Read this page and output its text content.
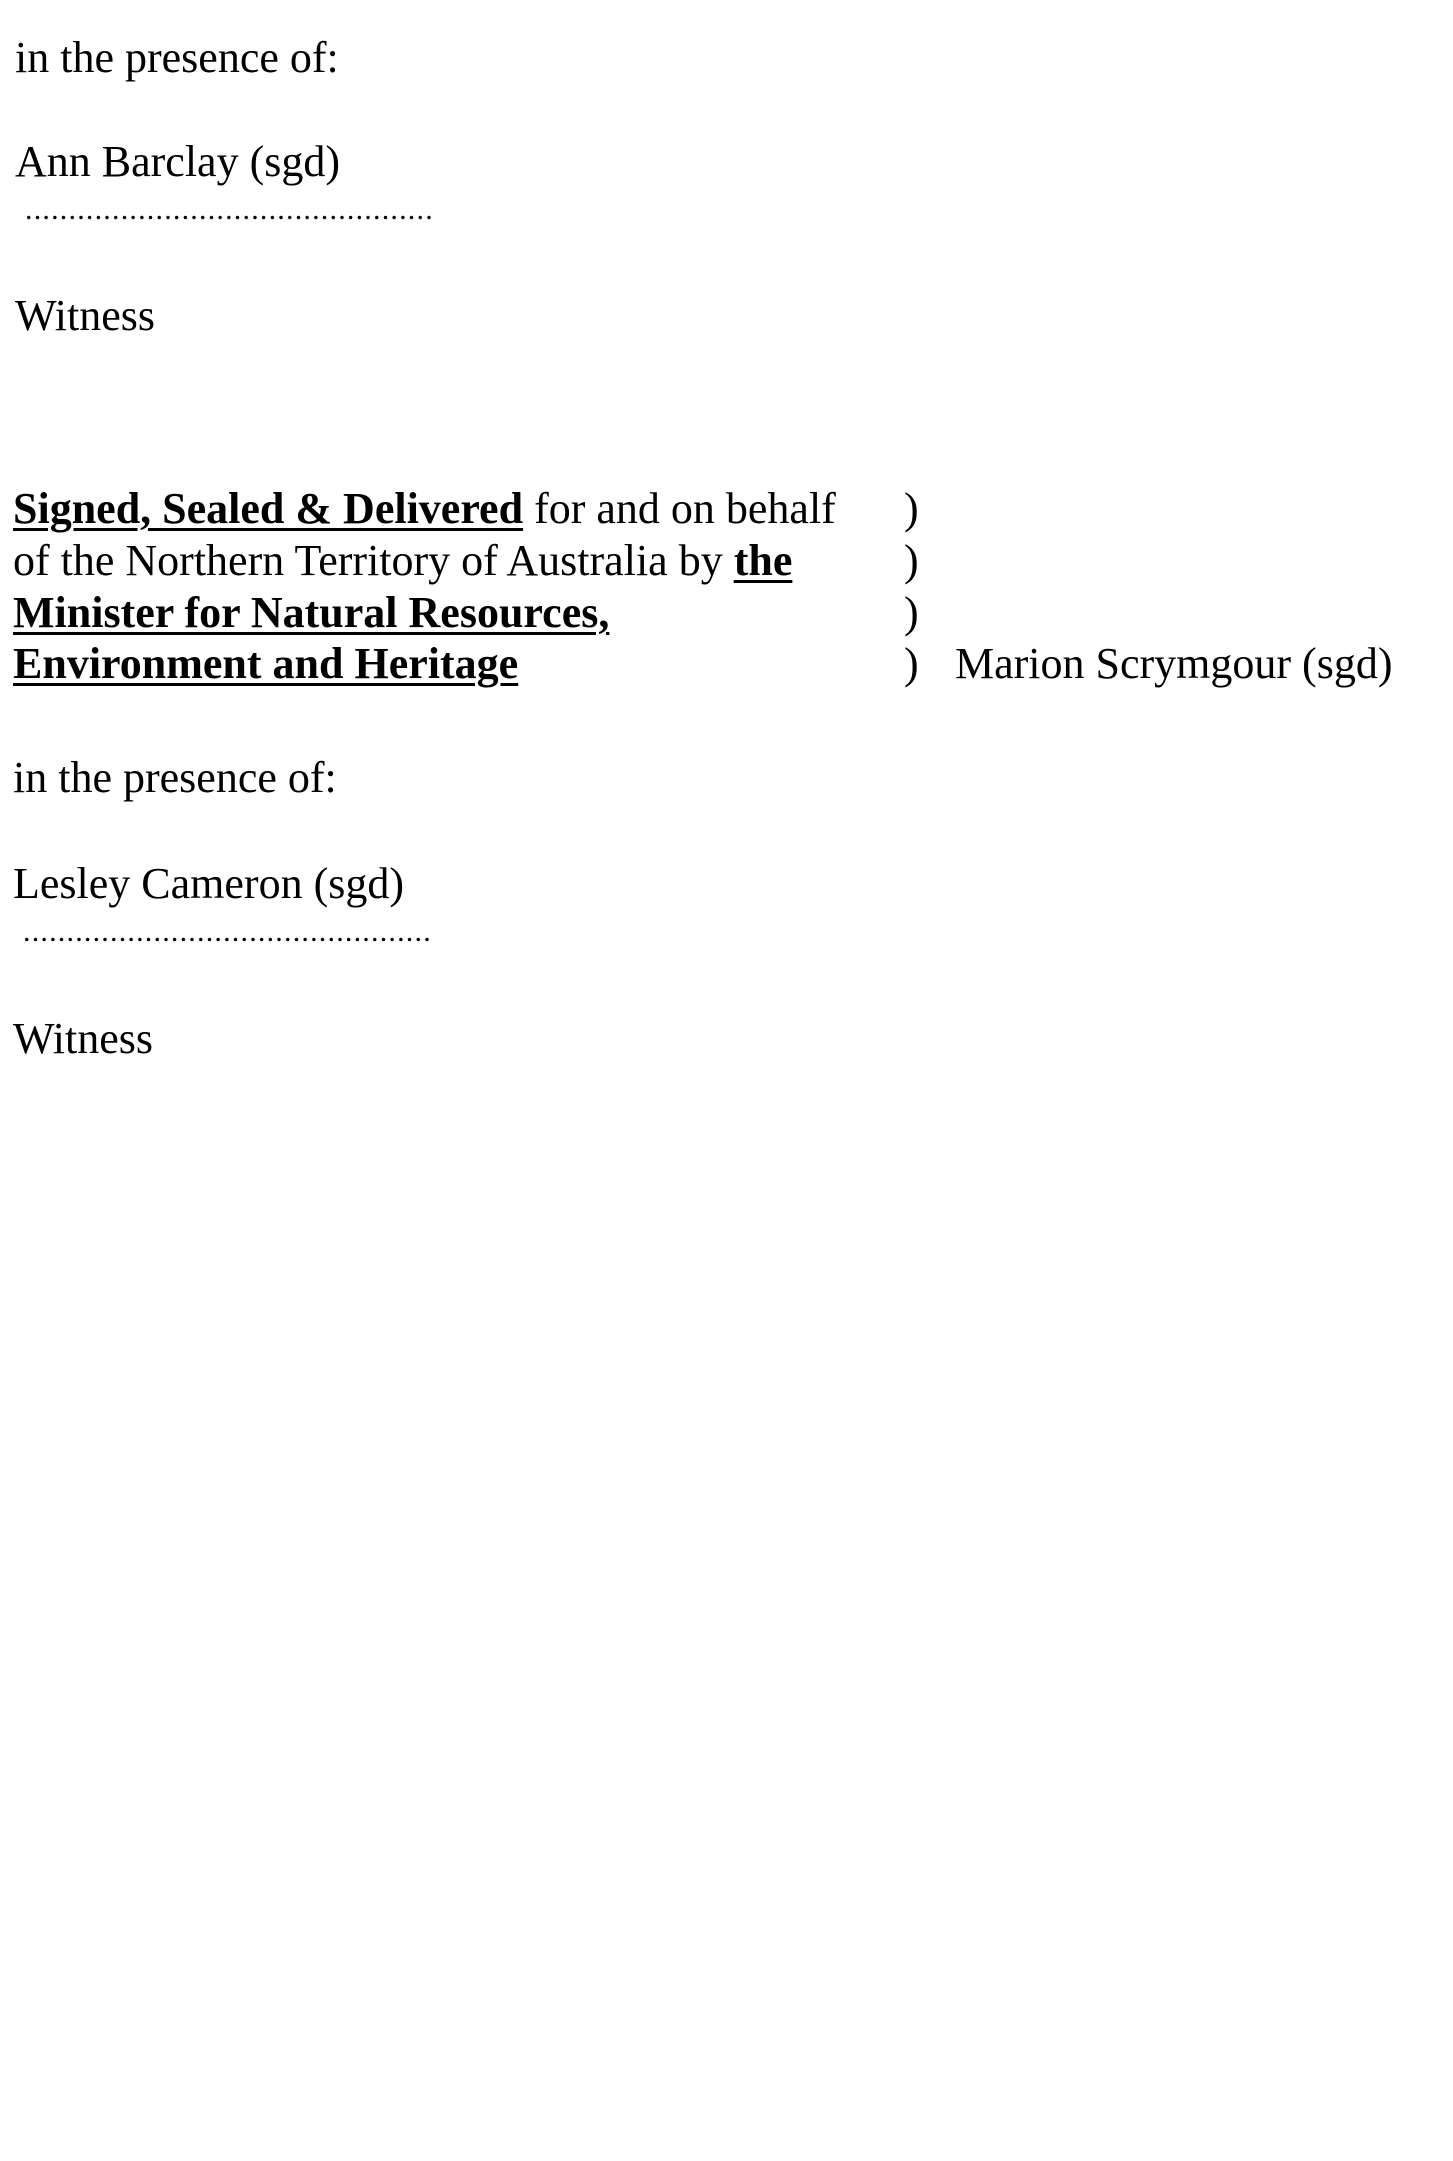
in the presence of:

Ann Barclay (sgd)

...............................................

Witness

Signed, Sealed & Delivered for and on behalf )

of the Northern Territory of Australia by the	)

Minister for Natural Resources,	)

Environment and Heritage	) Marion Scrymgour (sgd)

in the presence of:

Lesley Cameron (sgd)

...............................................

Witness
